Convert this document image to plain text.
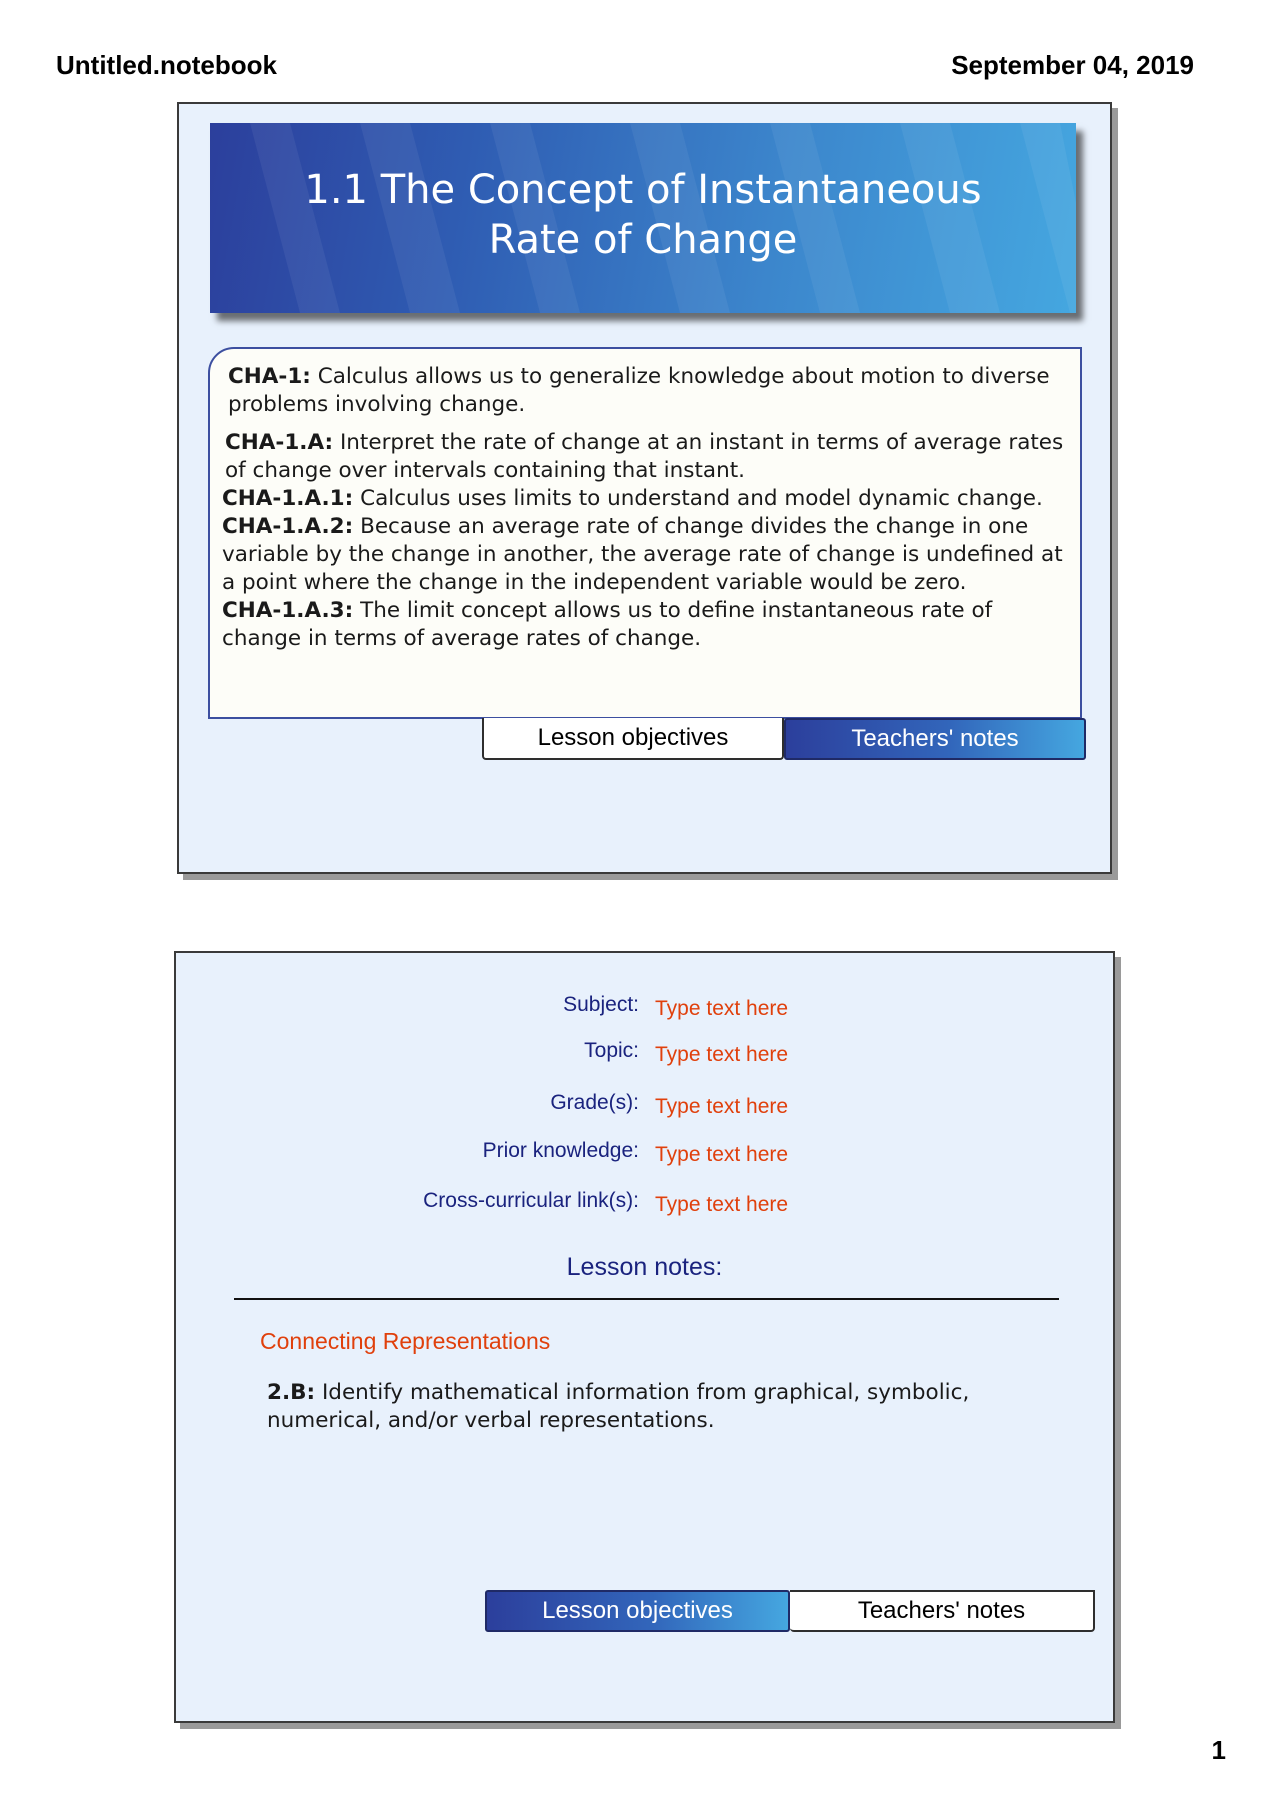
Untitled.notebook	September 04, 2019
1.1 The Concept of Instantaneous
Rate of Change

CHA-1: Calculus allows us to generalize knowledge about motion to diverse problems involving change.

CHA-1.A: Interpret the rate of change at an instant in terms of average rates of change over intervals containing that instant.

CHA-1.A.1: Calculus uses limits to understand and model dynamic change.

CHA-1.A.2: Because an average rate of change divides the change in one variable by the change in another, the average rate of change is undefined at a point where the change in the independent variable would be zero.

CHA-1.A.3: The limit concept allows us to define instantaneous rate of change in terms of average rates of change.

Lesson objectives	Teachers' notes
Subject: Type text here
Topic: Type text here
Grade(s): Type text here
Prior knowledge: Type text here
Cross-curricular link(s): Type text here
Lesson notes:
Connecting Representations
2.B: Identify mathematical information from graphical, symbolic, numerical, and/or verbal representations.
Lesson objectives	Teachers' notes
1
